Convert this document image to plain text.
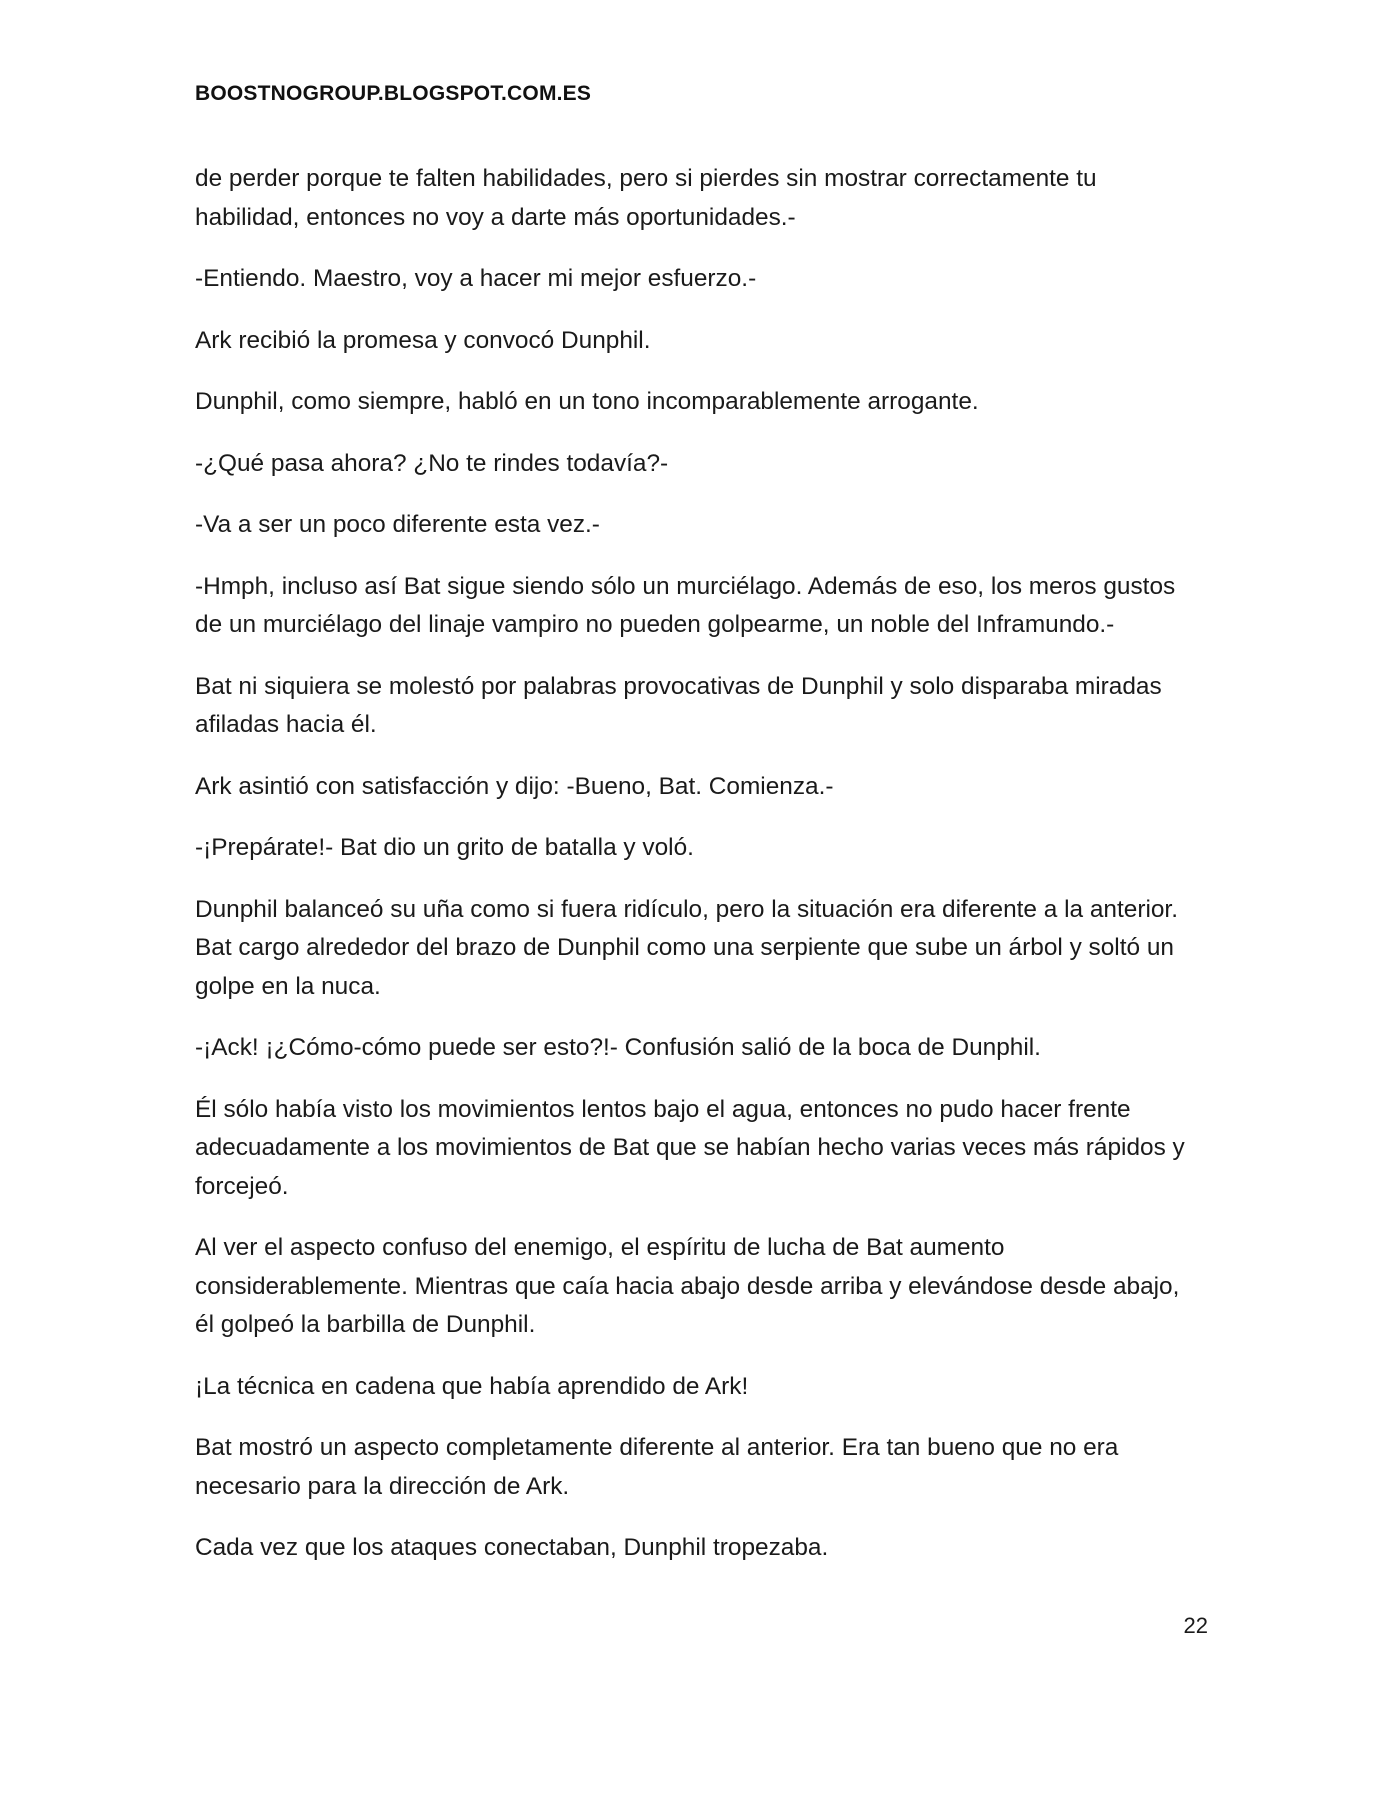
BOOSTNOGROUP.BLOGSPOT.COM.ES

de perder porque te falten habilidades, pero si pierdes sin mostrar correctamente tu habilidad, entonces no voy a darte más oportunidades.-

-Entiendo. Maestro, voy a hacer mi mejor esfuerzo.-

Ark recibió la promesa y convocó Dunphil.

Dunphil, como siempre, habló en un tono incomparablemente arrogante.

-¿Qué pasa ahora? ¿No te rindes todavía?-

-Va a ser un poco diferente esta vez.-

-Hmph, incluso así Bat sigue siendo sólo un murciélago. Además de eso, los meros gustos de un murciélago del linaje vampiro no pueden golpearme, un noble del Inframundo.-

Bat ni siquiera se molestó por palabras provocativas de Dunphil y solo disparaba miradas afiladas hacia él.

Ark asintió con satisfacción y dijo: -Bueno, Bat. Comienza.-

-¡Prepárate!- Bat dio un grito de batalla y voló.

Dunphil balanceó su uña como si fuera ridículo, pero la situación era diferente a la anterior. Bat cargo alrededor del brazo de Dunphil como una serpiente que sube un árbol y soltó un golpe en la nuca.

-¡Ack! ¡¿Cómo-cómo puede ser esto?!- Confusión salió de la boca de Dunphil.

Él sólo había visto los movimientos lentos bajo el agua, entonces no pudo hacer frente adecuadamente a los movimientos de Bat que se habían hecho varias veces más rápidos y forcejeó.

Al ver el aspecto confuso del enemigo, el espíritu de lucha de Bat aumento considerablemente. Mientras que caía hacia abajo desde arriba y elevándose desde abajo, él golpeó la barbilla de Dunphil.

¡La técnica en cadena que había aprendido de Ark!

Bat mostró un aspecto completamente diferente al anterior. Era tan bueno que no era necesario para la dirección de Ark.

Cada vez que los ataques conectaban, Dunphil tropezaba.

22
